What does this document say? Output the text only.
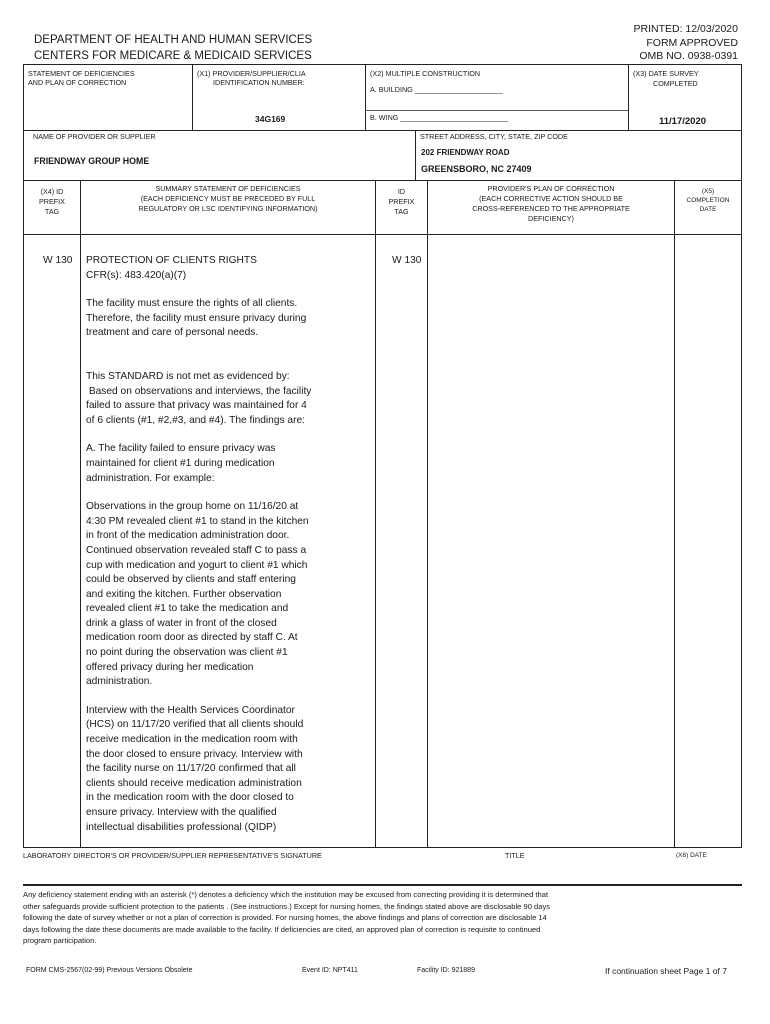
DEPARTMENT OF HEALTH AND HUMAN SERVICES
CENTERS FOR MEDICARE & MEDICAID SERVICES
PRINTED: 12/03/2020
FORM APPROVED
OMB NO. 0938-0391
STATEMENT OF DEFICIENCIES
AND PLAN OF CORRECTION
(X1) PROVIDER/SUPPLIER/CLIA
IDENTIFICATION NUMBER:
34G169
(X2) MULTIPLE CONSTRUCTION
A. BUILDING ______________________
B. WING ___________________________
(X3) DATE SURVEY
COMPLETED
11/17/2020
NAME OF PROVIDER OR SUPPLIER
FRIENDWAY GROUP HOME
STREET ADDRESS, CITY, STATE, ZIP CODE
202 FRIENDWAY ROAD
GREENSBORO, NC 27409
(X4) ID
PREFIX
TAG
SUMMARY STATEMENT OF DEFICIENCIES
(EACH DEFICIENCY MUST BE PRECEDED BY FULL
REGULATORY OR LSC IDENTIFYING INFORMATION)
ID
PREFIX
TAG
PROVIDER'S PLAN OF CORRECTION
(EACH CORRECTIVE ACTION SHOULD BE
CROSS-REFERENCED TO THE APPROPRIATE
DEFICIENCY)
(X5)
COMPLETION
DATE
W 130	W 130
PROTECTION OF CLIENTS RIGHTS
CFR(s): 483.420(a)(7)
The facility must ensure the rights of all clients.
Therefore, the facility must ensure privacy during
treatment and care of personal needs.
This STANDARD is not met as evidenced by:
Based on observations and interviews, the facility
failed to assure that privacy was maintained for 4
of 6 clients (#1, #2,#3, and #4). The findings are:
A. The facility failed to ensure privacy was
maintained for client #1 during medication
administration. For example:
Observations in the group home on 11/16/20 at
4:30 PM revealed client #1 to stand in the kitchen
in front of the medication administration door.
Continued observation revealed staff C to pass a
cup with medication and yogurt to client #1 which
could be observed by clients and staff entering
and exiting the kitchen. Further observation
revealed client #1 to take the medication and
drink a glass of water in front of the closed
medication room door as directed by staff C. At
no point during the observation was client #1
offered privacy during her medication
administration.
Interview with the Health Services Coordinator
(HCS) on 11/17/20 verified that all clients should
receive medication in the medication room with
the door closed to ensure privacy. Interview with
the facility nurse on 11/17/20 confirmed that all
clients should receive medication administration
in the medication room with the door closed to
ensure privacy. Interview with the qualified
intellectual disabilities professional (QIDP)
LABORATORY DIRECTOR'S OR PROVIDER/SUPPLIER REPRESENTATIVE'S SIGNATURE	TITLE	(X6) DATE
Any deficiency statement ending with an asterisk (*) denotes a deficiency which the institution may be excused from correcting providing it is determined that
other safeguards provide sufficient protection to the patients . (See instructions.) Except for nursing homes, the findings stated above are disclosable 90 days
following the date of survey whether or not a plan of correction is provided. For nursing homes, the above findings and plans of correction are disclosable 14
days following the date these documents are made available to the facility. If deficiencies are cited, an approved plan of correction is requisite to continued
program participation.
FORM CMS-2567(02-99) Previous Versions Obsolete	Event ID: NPT411	Facility ID: 921889	If continuation sheet Page 1 of 7
